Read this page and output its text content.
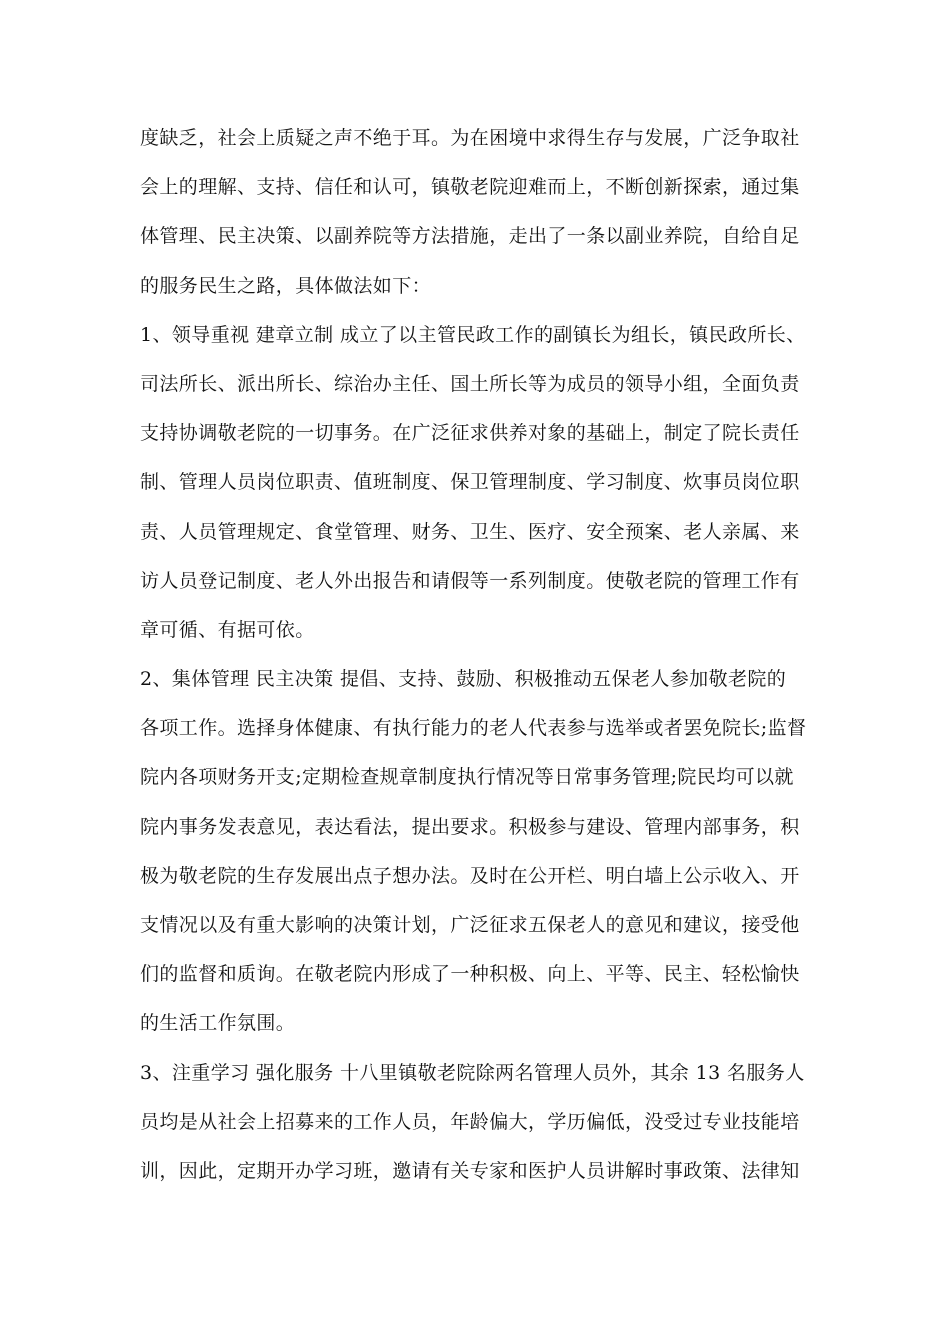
度缺乏，社会上质疑之声不绝于耳。为在困境中求得生存与发展，广泛争取社
会上的理解、支持、信任和认可，镇敬老院迎难而上，不断创新探索，通过集
体管理、民主决策、以副养院等方法措施，走出了一条以副业养院，自给自足
的服务民生之路，具体做法如下：
1、领导重视 建章立制 成立了以主管民政工作的副镇长为组长，镇民政所长、
司法所长、派出所长、综治办主任、国土所长等为成员的领导小组，全面负责
支持协调敬老院的一切事务。在广泛征求供养对象的基础上，制定了院长责任
制、管理人员岗位职责、值班制度、保卫管理制度、学习制度、炊事员岗位职
责、人员管理规定、食堂管理、财务、卫生、医疗、安全预案、老人亲属、来
访人员登记制度、老人外出报告和请假等一系列制度。使敬老院的管理工作有
章可循、有据可依。
2、集体管理 民主决策 提倡、支持、鼓励、积极推动五保老人参加敬老院的
各项工作。选择身体健康、有执行能力的老人代表参与选举或者罢免院长;监督
院内各项财务开支;定期检查规章制度执行情况等日常事务管理;院民均可以就
院内事务发表意见，表达看法，提出要求。积极参与建设、管理内部事务，积
极为敬老院的生存发展出点子想办法。及时在公开栏、明白墙上公示收入、开
支情况以及有重大影响的决策计划，广泛征求五保老人的意见和建议，接受他
们的监督和质询。在敬老院内形成了一种积极、向上、平等、民主、轻松愉快
的生活工作氛围。
3、注重学习 强化服务 十八里镇敬老院除两名管理人员外，其余 13 名服务人
员均是从社会上招募来的工作人员，年龄偏大，学历偏低，没受过专业技能培
训，因此，定期开办学习班，邀请有关专家和医护人员讲解时事政策、法律知
